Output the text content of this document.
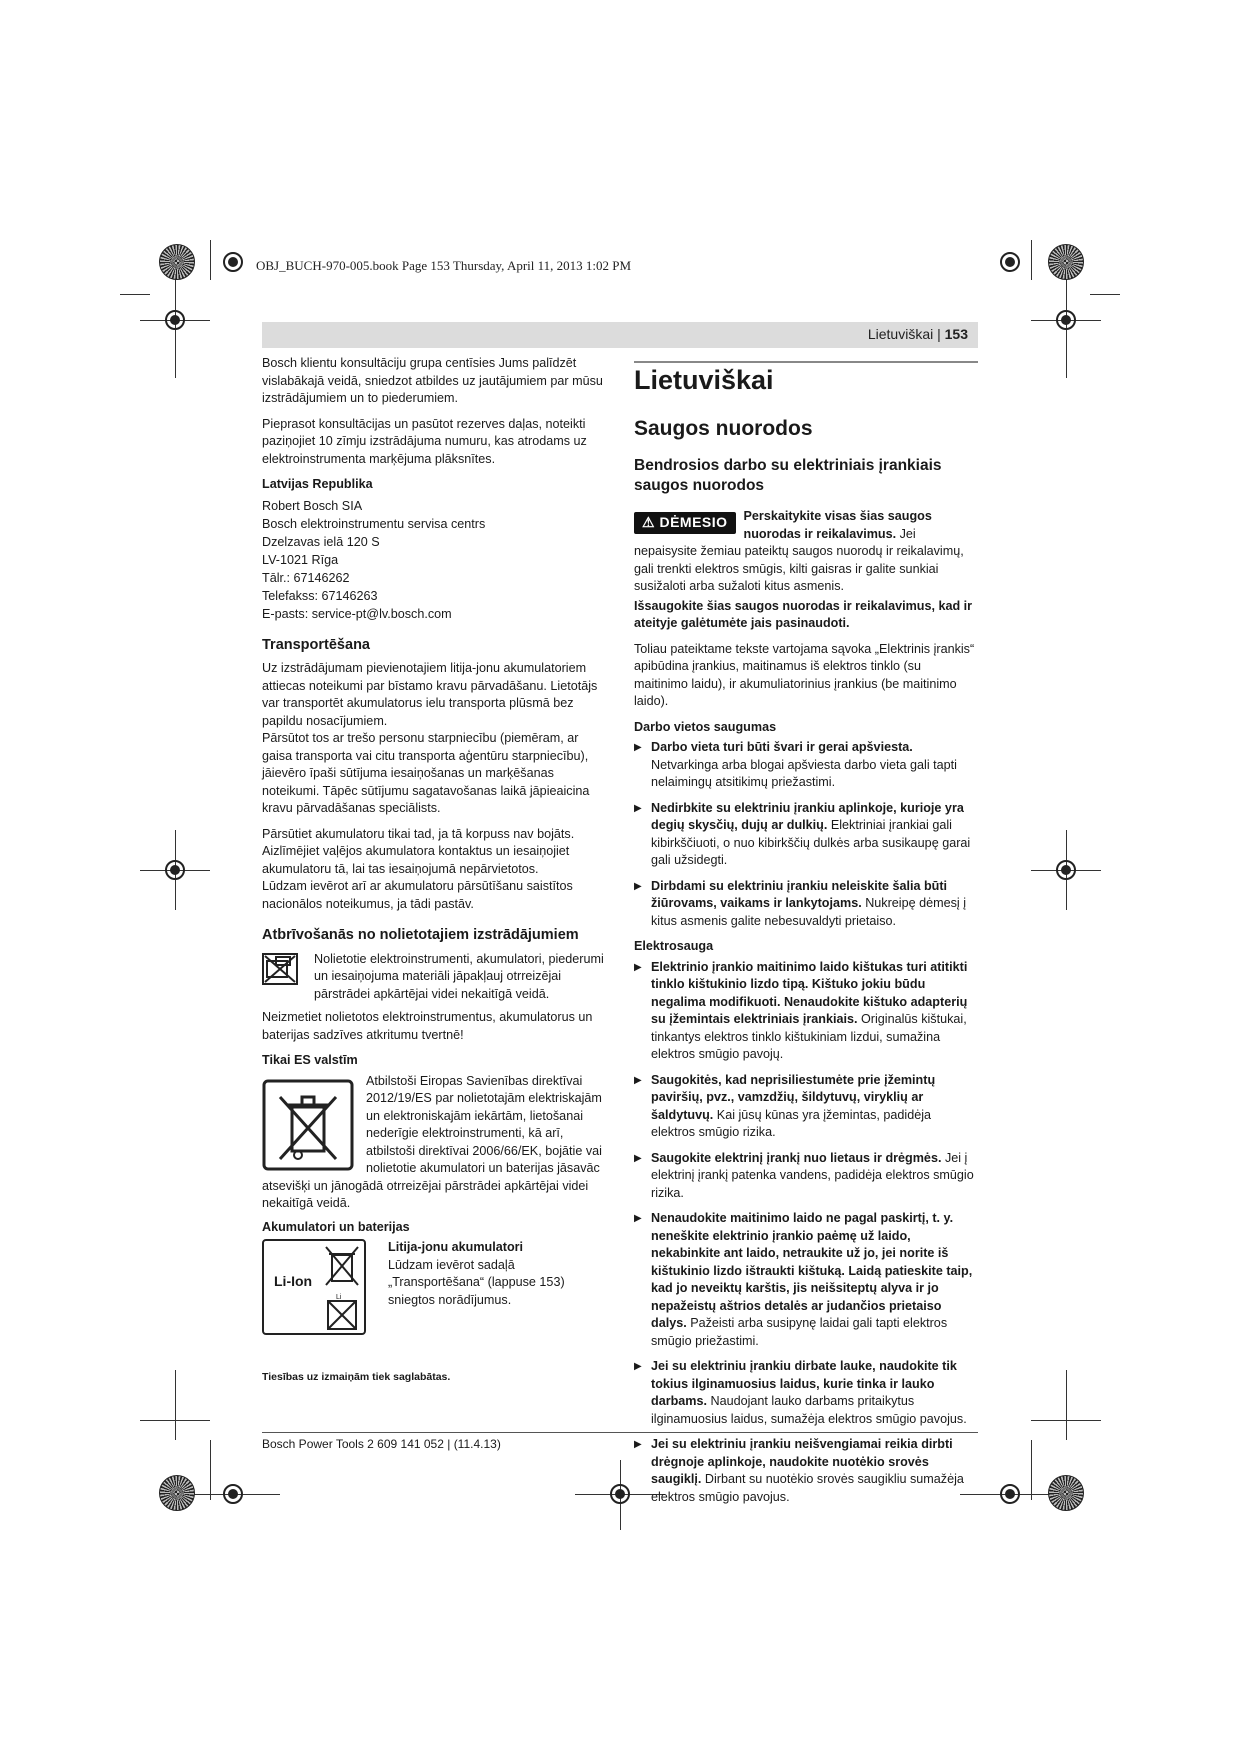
OBJ_BUCH-970-005.book Page 153 Thursday, April 11, 2013 1:02 PM
Lietuviškai | 153

Bosch klientu konsultāciju grupa centīsies Jums palīdzēt vislabākajā veidā, sniedzot atbildes uz jautājumiem par mūsu izstrādājumiem un to piederumiem.

Pieprasot konsultācijas un pasūtot rezerves daļas, noteikti paziņojiet 10 zīmju izstrādājuma numuru, kas atrodams uz elektroinstrumenta marķējuma plāksnītes.

Latvijas Republika

Robert Bosch SIA

Bosch elektroinstrumentu servisa centrs

Dzelzavas ielā 120 S

LV-1021 Rīga

Tālr.: 67146262

Telefakss: 67146263

E-pasts: service-pt@lv.bosch.com

Transportēšana

Uz izstrādājumam pievienotajiem litija-jonu akumulatoriem attiecas noteikumi par bīstamo kravu pārvadāšanu. Lietotājs var transportēt akumulatorus ielu transporta plūsmā bez papildu nosacījumiem.

Pārsūtot tos ar trešo personu starpniecību (piemēram, ar gaisa transporta vai citu transporta aģentūru starpniecību), jāievēro īpaši sūtījuma iesaiņošanas un marķēšanas noteikumi. Tāpēc sūtījumu sagatavošanas laikā jāpieaicina kravu pārvadāšanas speciālists.

Pārsūtiet akumulatoru tikai tad, ja tā korpuss nav bojāts. Aizlīmējiet vaļējos akumulatora kontaktus un iesaiņojiet akumulatoru tā, lai tas iesaiņojumā nepārvietotos.

Lūdzam ievērot arī ar akumulatoru pārsūtīšanu saistītos nacionālos noteikumus, ja tādi pastāv.

Atbrīvošanās no nolietotajiem izstrādājumiem
Nolietotie elektroinstrumenti, akumulatori, piederumi un iesaiņojuma materiāli jāpakļauj otrreizējai pārstrādei apkārtējai videi nekaitīgā veidā.

Neizmetiet nolietotos elektroinstrumentus, akumulatorus un baterijas sadzīves atkritumu tvertnē!

Tikai ES valstīm

Atbilstoši Eiropas Savienības direktīvai 2012/19/ES par nolietotajām elektriskajām un elektroniskajām iekārtām, lietošanai nederīgie elektroinstrumenti, kā arī, atbilstoši direktīvai 2006/66/EK, bojātie vai nolietotie akumulatori un baterijas jāsavāc atsevišķi un jānogādā otrreizējai pārstrādei apkārtējai videi nekaitīgā veidā.

Akumulatori un baterijas
Li-Ion
Li
Litija-jonu akumulatori
Lūdzam ievērot sadaļā „Transportēšana“ (lappuse 153) sniegtos norādījumus.
Tiesības uz izmaiņām tiek saglabātas.
Lietuviškai
Saugos nuorodos
Bendrosios darbo su elektriniais įrankiais saugos nuorodos
⚠ DĖMESIO	Perskaitykite visas šias saugos nuorodas ir reikalavimus. Jei nepaisysite žemiau pateiktų saugos nuorodų ir reikalavimų, gali trenkti elektros smūgis, kilti gaisras ir galite sunkiai susižaloti arba sužaloti kitus asmenis.

Išsaugokite šias saugos nuorodas ir reikalavimus, kad ir ateityje galėtumėte jais pasinaudoti.

Toliau pateiktame tekste vartojama sąvoka „Elektrinis įrankis“ apibūdina įrankius, maitinamus iš elektros tinklo (su maitinimo laidu), ir akumuliatorinius įrankius (be maitinimo laido).

Darbo vietos saugumas
▶ Darbo vieta turi būti švari ir gerai apšviesta. Netvarkinga arba blogai apšviesta darbo vieta gali tapti nelaimingų atsitikimų priežastimi.
▶ Nedirbkite su elektriniu įrankiu aplinkoje, kurioje yra degių skysčių, dujų ar dulkių. Elektriniai įrankiai gali kibirkščiuoti, o nuo kibirkščių dulkės arba susikaupę garai gali užsidegti.
▶ Dirbdami su elektriniu įrankiu neleiskite šalia būti žiūrovams, vaikams ir lankytojams. Nukreipę dėmesį į kitus asmenis galite nebesuvaldyti prietaiso.
Elektrosauga
▶ Elektrinio įrankio maitinimo laido kištukas turi atitikti tinklo kištukinio lizdo tipą. Kištuko jokiu būdu negalima modifikuoti. Nenaudokite kištuko adapterių su įžemintais elektriniais įrankiais. Originalūs kištukai, tinkantys elektros tinklo kištukiniam lizdui, sumažina elektros smūgio pavojų.
▶ Saugokitės, kad neprisiliestumėte prie įžemintų paviršių, pvz., vamzdžių, šildytuvų, viryklių ar šaldytuvų. Kai jūsų kūnas yra įžemintas, padidėja elektros smūgio rizika.
▶ Saugokite elektrinį įrankį nuo lietaus ir drėgmės. Jei į elektrinį įrankį patenka vandens, padidėja elektros smūgio rizika.
▶ Nenaudokite maitinimo laido ne pagal paskirtį, t. y. neneškite elektrinio įrankio paėmę už laido, nekabinkite ant laido, netraukite už jo, jei norite iš kištukinio lizdo ištraukti kištuką. Laidą patieskite taip, kad jo neveiktų karštis, jis neišsiteptų alyva ir jo nepažeistų aštrios detalės ar judančios prietaiso dalys. Pažeisti arba susipynę laidai gali tapti elektros smūgio priežastimi.
▶ Jei su elektriniu įrankiu dirbate lauke, naudokite tik tokius ilginamuosius laidus, kurie tinka ir lauko darbams. Naudojant lauko darbams pritaikytus ilginamuosius laidus, sumažėja elektros smūgio pavojus.
▶ Jei su elektriniu įrankiu neišvengiamai reikia dirbti drėgnoje aplinkoje, naudokite nuotėkio srovės saugiklį. Dirbant su nuotėkio srovės saugikliu sumažėja elektros smūgio pavojus.
Bosch Power Tools 2 609 141 052 | (11.4.13)
